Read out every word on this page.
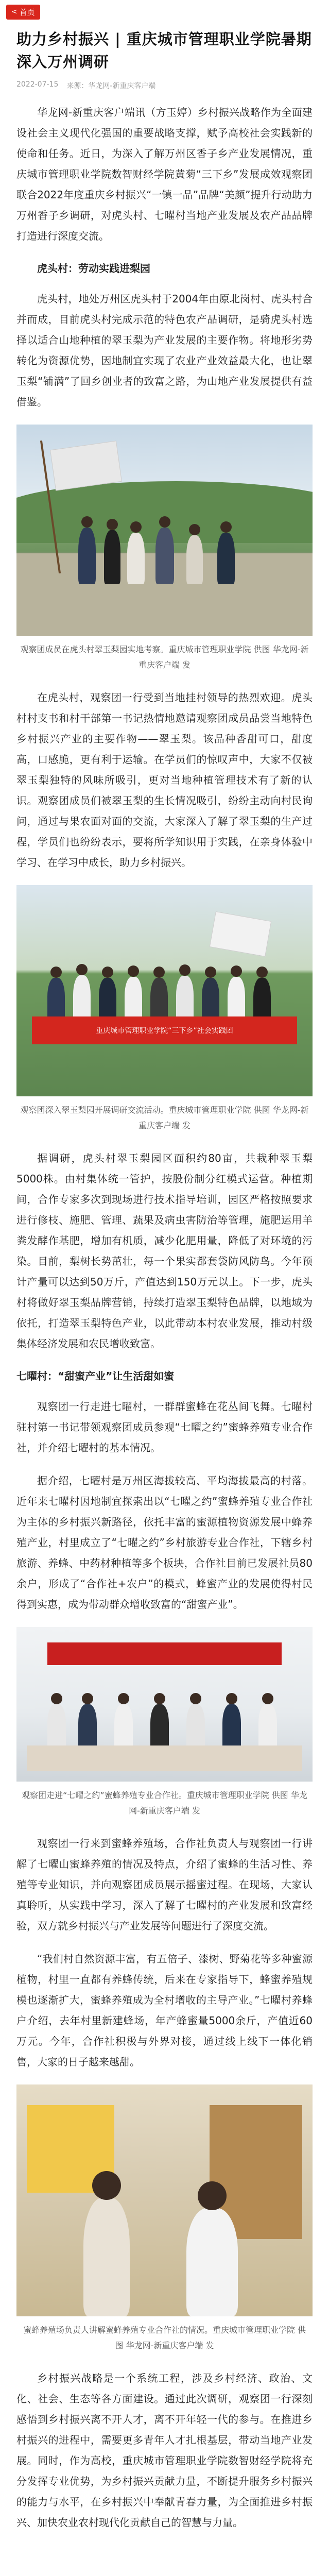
< 首页
助力乡村振兴 | 重庆城市管理职业学院暑期深入万州调研
2022-07-15 来源：华龙网-新重庆客户端

华龙网-新重庆客户端讯（方玉婷）乡村振兴战略作为全面建设社会主义现代化强国的重要战略支撑，赋予高校社会实践新的使命和任务。近日，为深入了解万州区香子乡产业发展情况，重庆城市管理职业学院数智财经学院黄菊“三下乡”发展成效观察团联合2022年度重庆乡村振兴“一镇一品”品牌“美颜”提升行动助力万州香子乡调研，对虎头村、七曜村当地产业发展及农产品品牌打造进行深度交流。

虎头村：劳动实践进梨园

虎头村，地处万州区虎头村于2004年由原北岗村、虎头村合并而成，目前虎头村完成示范的特色农产品调研，是骑虎头村选择以适合山地种植的翠玉梨为产业发展的主要作物。将地形劣势转化为资源优势，因地制宜实现了农业产业效益最大化，也让翠玉梨“铺满”了回乡创业者的致富之路，为山地产业发展提供有益借鉴。

观察团成员在虎头村翠玉梨园实地考察。重庆城市管理职业学院 供图 华龙网-新重庆客户端 发

在虎头村，观察团一行受到当地挂村领导的热烈欢迎。虎头村村支书和村干部第一书记热情地邀请观察团成员品尝当地特色乡村振兴产业的主要作物——翠玉梨。该品种香甜可口，甜度高，口感脆，更有利于运输。在学员们的惊叹声中，大家不仅被翠玉梨独特的风味所吸引，更对当地种植管理技术有了新的认识。观察团成员们被翠玉梨的生长情况吸引，纷纷主动向村民询问，通过与果农面对面的交流，大家深入了解了翠玉梨的生产过程，学员们也纷纷表示，要将所学知识用于实践，在亲身体验中学习、在学习中成长，助力乡村振兴。

重庆城市管理职业学院“三下乡”社会实践团
观察团深入翠玉梨园开展调研交流活动。重庆城市管理职业学院 供图 华龙网-新重庆客户端 发

据调研，虎头村翠玉梨园区面积约80亩，共栽种翠玉梨5000株。由村集体统一管护，按股份制分红模式运营。种植期间，合作专家多次到现场进行技术指导培训，园区严格按照要求进行修枝、施肥、管理、蔬果及病虫害防治等管理，施肥运用羊粪发酵作基肥，增加有机质，减少化肥用量，降低了对环境的污染。目前，梨树长势茁壮，每一个果实都套袋防风防鸟。今年预计产量可以达到50万斤，产值达到150万元以上。下一步，虎头村将做好翠玉梨品牌营销，持续打造翠玉梨特色品牌，以地域为依托，打造翠玉梨特色产业，以此带动本村农业发展，推动村级集体经济发展和农民增收致富。

七曜村：“甜蜜产业”让生活甜如蜜

观察团一行走进七曜村，一群群蜜蜂在花丛间飞舞。七曜村驻村第一书记带领观察团成员参观“七曜之约”蜜蜂养殖专业合作社，并介绍七曜村的基本情况。

据介绍，七曜村是万州区海拔较高、平均海拔最高的村落。近年来七曜村因地制宜探索出以“七曜之约”蜜蜂养殖专业合作社为主体的乡村振兴新路径，依托丰富的蜜源植物资源发展中蜂养殖产业，村里成立了“七曜之约”乡村旅游专业合作社，下辖乡村旅游、养蜂、中药材种植等多个板块，合作社目前已发展社员80余户，形成了“合作社+农户”的模式，蜂蜜产业的发展使得村民得到实惠，成为带动群众增收致富的“甜蜜产业”。

观察团走进“七曜之约”蜜蜂养殖专业合作社。重庆城市管理职业学院 供图 华龙网-新重庆客户端 发

观察团一行来到蜜蜂养殖场，合作社负责人与观察团一行讲解了七曜山蜜蜂养殖的情况及特点，介绍了蜜蜂的生活习性、养殖等专业知识，并向观察团成员展示摇蜜过程。在现场，大家认真聆听，从实践中学习，深入了解了七曜村的产业发展和致富经验，双方就乡村振兴与产业发展等问题进行了深度交流。

“我们村自然资源丰富，有五倍子、漆树、野菊花等多种蜜源植物，村里一直都有养蜂传统，后来在专家指导下，蜂蜜养殖规模也逐渐扩大，蜜蜂养殖成为全村增收的主导产业。”七曜村养蜂户介绍，去年村里新建蜂场，年产蜂蜜量5000余斤，产值近60万元。今年，合作社积极与外界对接，通过线上线下一体化销售，大家的日子越来越甜。

蜜蜂养殖场负责人讲解蜜蜂养殖专业合作社的情况。重庆城市管理职业学院 供图 华龙网-新重庆客户端 发

乡村振兴战略是一个系统工程，涉及乡村经济、政治、文化、社会、生态等各方面建设。通过此次调研，观察团一行深刻感悟到乡村振兴离不开人才，离不开年轻一代的参与。在推进乡村振兴的进程中，需要更多青年人才扎根基层，带动当地产业发展。同时，作为高校，重庆城市管理职业学院数智财经学院将充分发挥专业优势，为乡村振兴贡献力量，不断提升服务乡村振兴的能力与水平，在乡村振兴中奉献青春力量，为全面推进乡村振兴、加快农业农村现代化贡献自己的智慧与力量。
